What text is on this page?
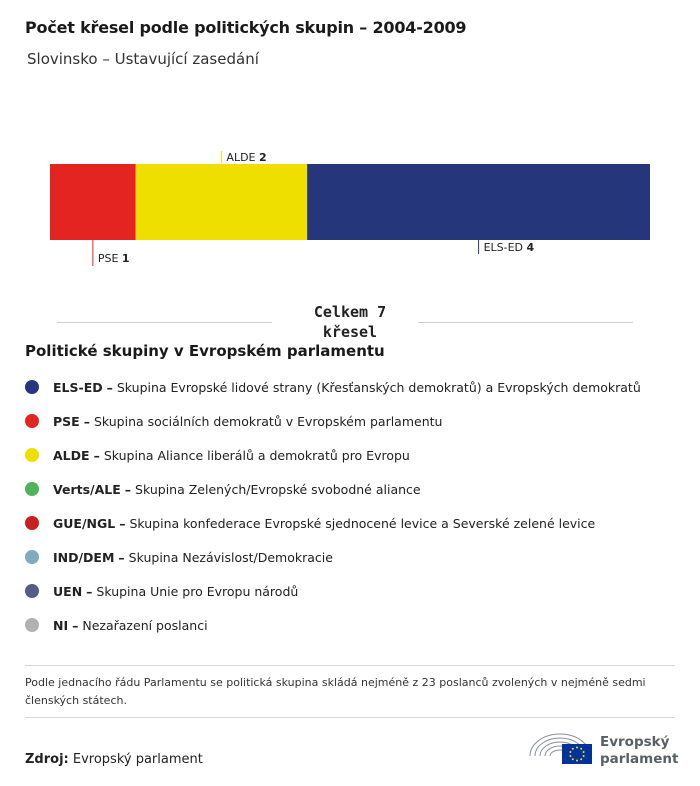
Počet křesel podle politických skupin – 2004-2009
Slovinsko – Ustavující zasedání
PSE 1
ALDE 2
ELS-ED 4
Celkem 7
křesel
Politické skupiny v Evropském parlamentu
ELS-ED – Skupina Evropské lidové strany (Křesťanských demokratů) a Evropských demokratů
PSE – Skupina sociálních demokratů v Evropském parlamentu
ALDE – Skupina Aliance liberálů a demokratů pro Evropu
Verts/ALE – Skupina Zelených/Evropské svobodné aliance
GUE/NGL – Skupina konfederace Evropské sjednocené levice a Severské zelené levice
IND/DEM – Skupina Nezávislost/Demokracie
UEN – Skupina Unie pro Evropu národů
NI – Nezařazení poslanci
Podle jednacího řádu Parlamentu se politická skupina skládá nejméně z 23 poslanců zvolených v nejméně sedmi členských státech.
Zdroj: Evropský parlament
Evropský
parlament
